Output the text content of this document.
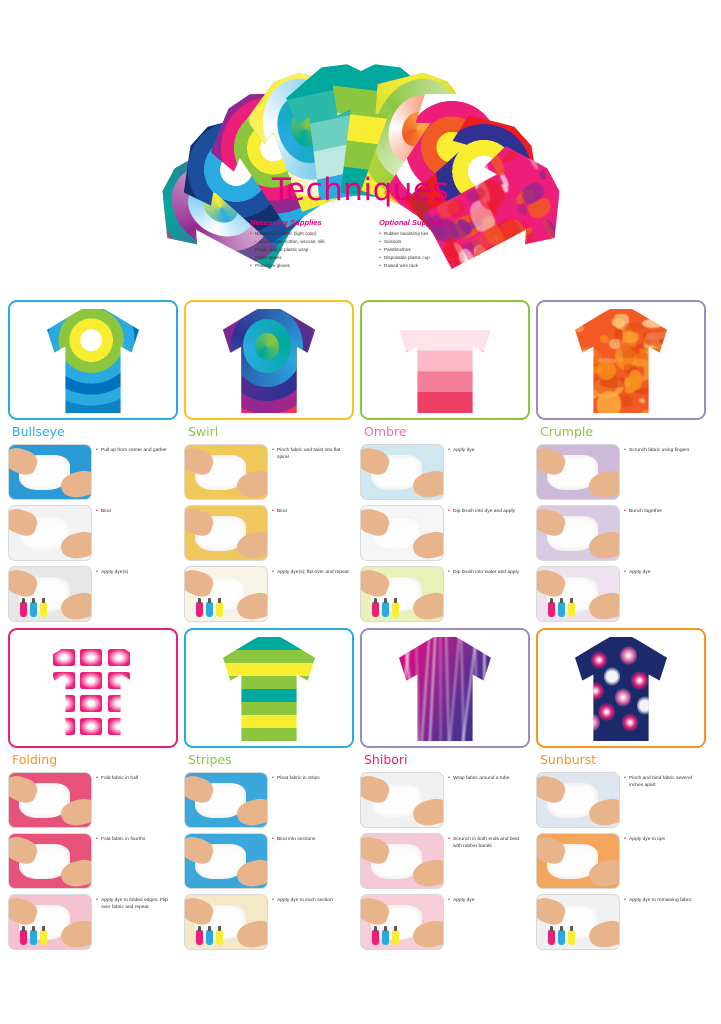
Techniques
Necessary Supplies
• Natural fiber fabric (light color)
– wool, rayon, cotton, viscose, silk
• Plastic bag or plastic wrap
• Paper towels
• Protective gloves
Optional Supplies
• Rubber bands/zip ties
• Scissors
• Paintbrushes
• Disposable plastic cup
• Raised wire rack
Bullseye
• Pull up from center and gather
• Bind
• Apply dye(s)
Swirl
• Pinch fabric and twist into flat spiral
• Bind
• Apply dye(s); flip over and repeat
Ombre
• Apply dye
• Dip brush into dye and apply
• Dip brush into water and apply
Crumple
• Scrunch fabric using fingers
• Bunch together
• Apply dye
Folding
• Fold fabric in half
• Fold fabric in fourths
• Apply dye to folded edges. Flip over fabric and repeat
Stripes
• Pleat fabric in strips
• Bind into sections
• Apply dye to each section
Shibori
• Wrap fabric around a tube
• Scrunch in both ends and bind with rubber bands
• Apply dye
Sunburst
• Pinch and bind fabric several inches apart
• Apply dye to tips
• Apply dye to remaining fabric
